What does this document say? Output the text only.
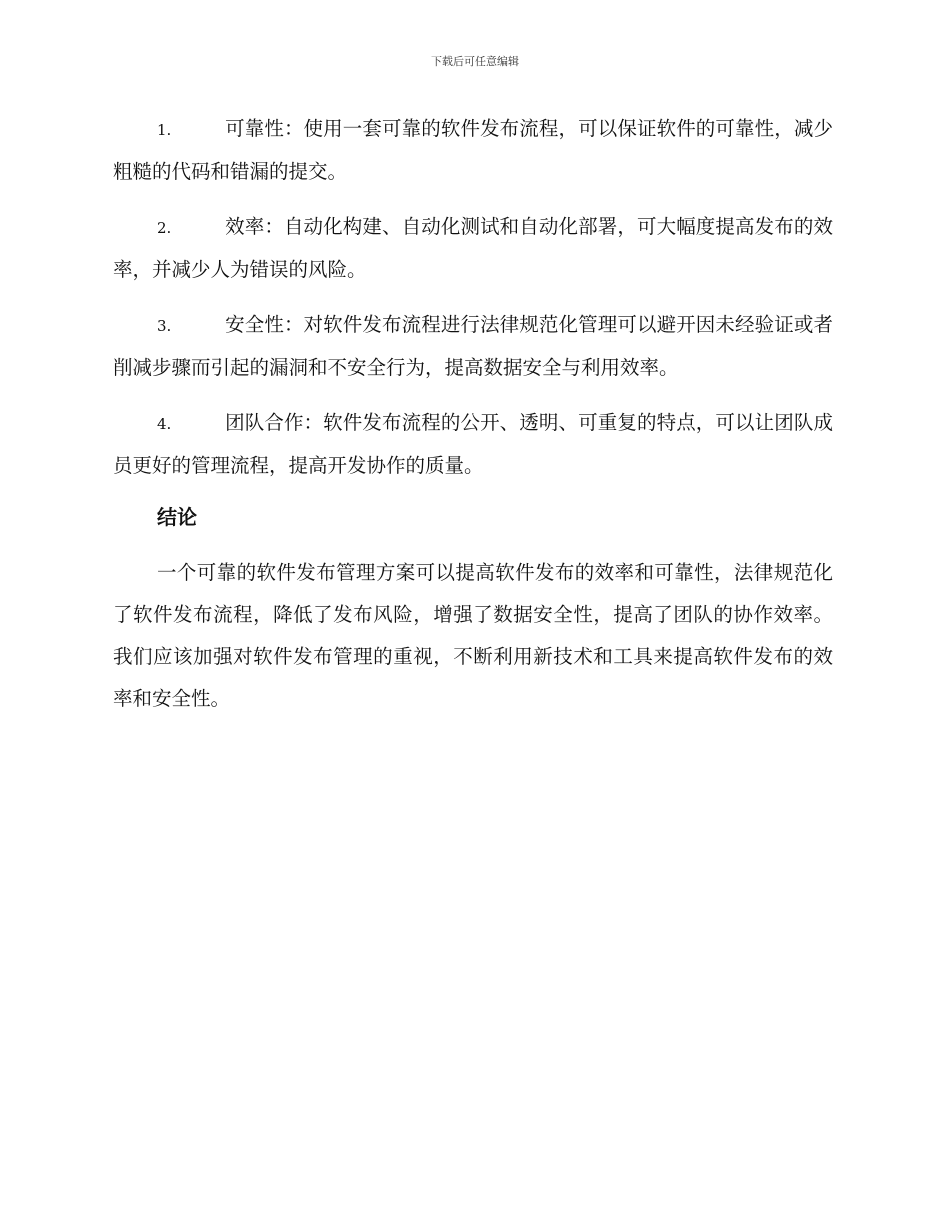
下载后可任意编辑
1.	可靠性：使用一套可靠的软件发布流程，可以保证软件的可靠性，减少粗糙的代码和错漏的提交。
2.	效率：自动化构建、自动化测试和自动化部署，可大幅度提高发布的效率，并减少人为错误的风险。
3.	安全性：对软件发布流程进行法律规范化管理可以避开因未经验证或者削减步骤而引起的漏洞和不安全行为，提高数据安全与利用效率。
4.	团队合作：软件发布流程的公开、透明、可重复的特点，可以让团队成员更好的管理流程，提高开发协作的质量。
结论

一个可靠的软件发布管理方案可以提高软件发布的效率和可靠性，法律规范化了软件发布流程，降低了发布风险，增强了数据安全性，提高了团队的协作效率。我们应该加强对软件发布管理的重视，不断利用新技术和工具来提高软件发布的效率和安全性。
